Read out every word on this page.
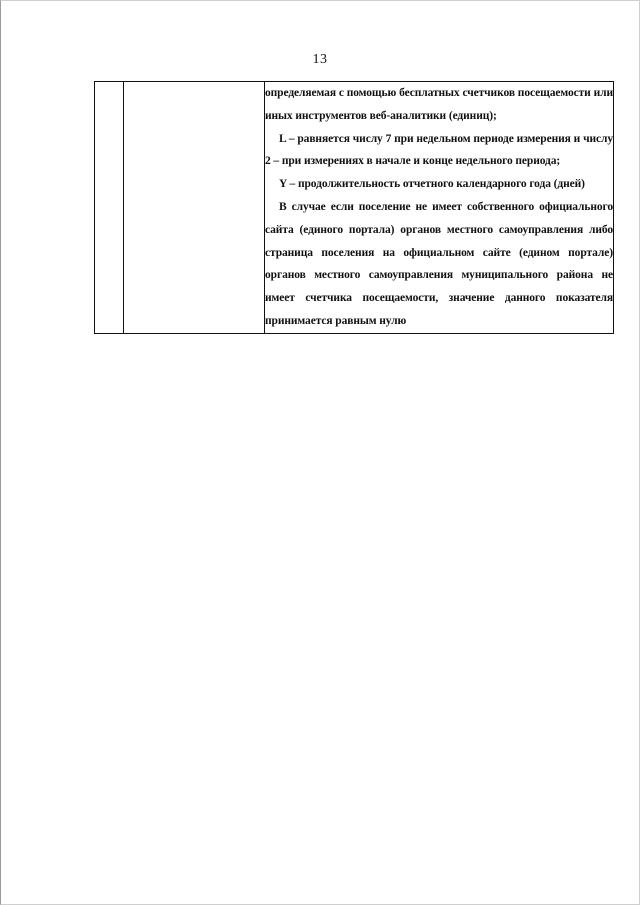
13

определяемая с помощью бесплатных счетчиков посещаемости или иных инструментов веб-аналитики (единиц);

L – равняется числу 7 при недельном периоде измерения и числу 2 – при измерениях в начале и конце недельного периода;

Y – продолжительность отчетного календарного года (дней)

В случае если поселение не имеет собственного официального сайта (единого портала) органов местного самоуправления либо страница поселения на официальном сайте (едином портале) органов местного самоуправления муниципального района не имеет счетчика посещаемости, значение данного показателя принимается равным нулю
